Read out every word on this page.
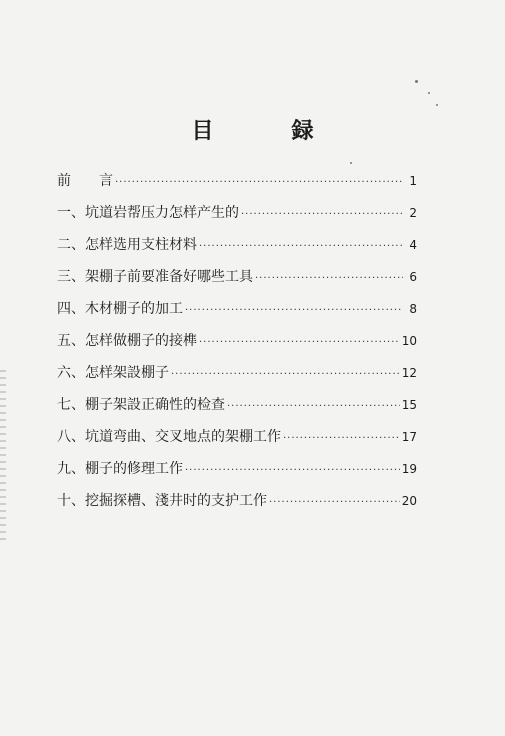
目　録
前　　言 ·····	1
一、坑道岩帮压力怎样产生的 ·····	2
二、怎样选用支柱材料 ·····	4
三、架棚子前要准备好哪些工具 ·····	6
四、木材棚子的加工 ·····	8
五、怎样做棚子的接榫 ·····	10
六、怎样架設棚子 ·····	12
七、棚子架設正确性的检查 ·····	15
八、坑道弯曲、交叉地点的架棚工作 ·····	17
九、棚子的修理工作 ·····	19
十、挖掘探槽、淺井时的支护工作 ·····	20
